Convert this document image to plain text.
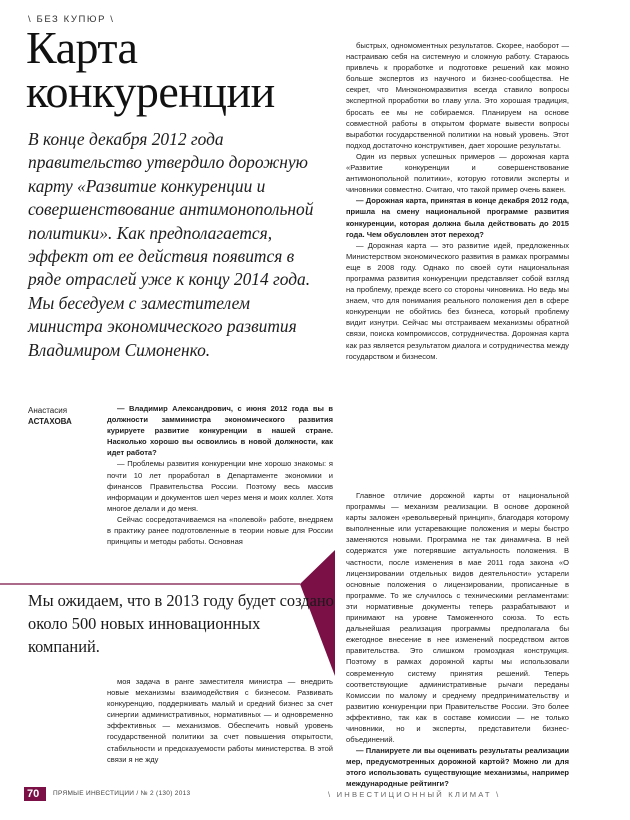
\ БЕЗ КУПЮР \
Карта
конкуренции
В конце декабря 2012 года правительство утвердило дорожную карту «Развитие конкуренции и совершенствование антимонопольной политики». Как предполагается, эффект от ее действия появится в ряде отраслей уже к концу 2014 года. Мы беседуем с заместителем министра экономического развития Владимиром Симоненко.
Анастасия
АСТАХОВА

— Владимир Александрович, с июня 2012 года вы в должности замминистра экономического развития курируете развитие конкуренции в нашей стране. Насколько хорошо вы освоились в новой должности, как идет работа?

— Проблемы развития конкуренции мне хорошо знакомы: я почти 10 лет проработал в Департаменте экономики и финансов Правительства России. Поэтому весь массив информации и документов шел через меня и моих коллег. Хотя многое делали и до меня.

Сейчас сосредотачиваемся на «полевой» работе, внедряем в практику ранее подготовленные в теории новые для России принципы и методы работы. Основная

Мы ожидаем, что в 2013 году будет создано около 500 новых инновационных компаний.

моя задача в ранге заместителя министра — внедрить новые механизмы взаимодействия с бизнесом. Развивать конкуренцию, поддерживать малый и средний бизнес за счет синергии административных, нормативных — и одновременно эффективных — механизмов. Обеспечить новый уровень государственной политики за счет повышения открытости, стабильности и предсказуемости работы министерства. В этой связи я не жду

быстрых, одномоментных результатов. Скорее, наоборот — настраиваю себя на системную и сложную работу. Стараюсь привлечь к проработке и подготовке решений как можно больше экспертов из научного и бизнес-сообщества. Не секрет, что Минэкономразвития всегда ставило вопросы экспертной проработки во главу угла. Это хорошая традиция, бросать ее мы не собираемся. Планируем на основе совместной работы в открытом формате вывести вопросы выработки государственной политики на новый уровень. Этот подход достаточно конструктивен, дает хорошие результаты.

Один из первых успешных примеров — дорожная карта «Развитие конкуренции и совершенствование антимонопольной политики», которую готовили эксперты и чиновники совместно. Считаю, что такой пример очень важен.

— Дорожная карта, принятая в конце декабря 2012 года, пришла на смену национальной программе развития конкуренции, которая должна была действовать до 2015 года. Чем обусловлен этот переход?

— Дорожная карта — это развитие идей, предложенных Министерством экономического развития в рамках программы еще в 2008 году. Однако по своей сути национальная программа развития конкуренции представляет собой взгляд на проблему, прежде всего со стороны чиновника. Но ведь мы знаем, что для понимания реального положения дел в сфере конкуренции не обойтись без бизнеса, который проблему видит изнутри. Сейчас мы отстраиваем механизмы обратной связи, поиска компромиссов, сотрудничества. Дорожная карта как раз является результатом диалога и сотрудничества между государством и бизнесом.

Главное отличие дорожной карты от национальной программы — механизм реализации. В основе дорожной карты заложен «револьверный принцип», благодаря которому выполненные или устаревающие положения и меры быстро заменяются новыми. Программа не так динамична. В ней содержатся уже потерявшие актуальность положения. В частности, после изменения в мае 2011 года закона «О лицензировании отдельных видов деятельности» устарели основные положения о лицензировании, прописанные в программе. То же случилось с техническими регламентами: эти нормативные документы теперь разрабатывают и принимают на уровне Таможенного союза. То есть дальнейшая реализация программы предполагала бы ежегодное внесение в нее изменений посредством актов правительства. Это слишком громоздкая конструкция. Поэтому в рамках дорожной карты мы использовали современную систему принятия решений. Теперь соответствующие административные рычаги переданы Комиссии по малому и среднему предпринимательству и развитию конкуренции при Правительстве России. Это более эффективно, так как в составе комиссии — не только чиновники, но и эксперты, представители бизнес-объединений.

— Планируете ли вы оценивать результаты реализации мер, предусмотренных дорожной картой? Можно ли для этого использовать существующие механизмы, например международные рейтинги?

70 ПРЯМЫЕ ИНВЕСТИЦИИ / № 2 (130) 2013	\ ИНВЕСТИЦИОННЫЙ КЛИМАТ \
